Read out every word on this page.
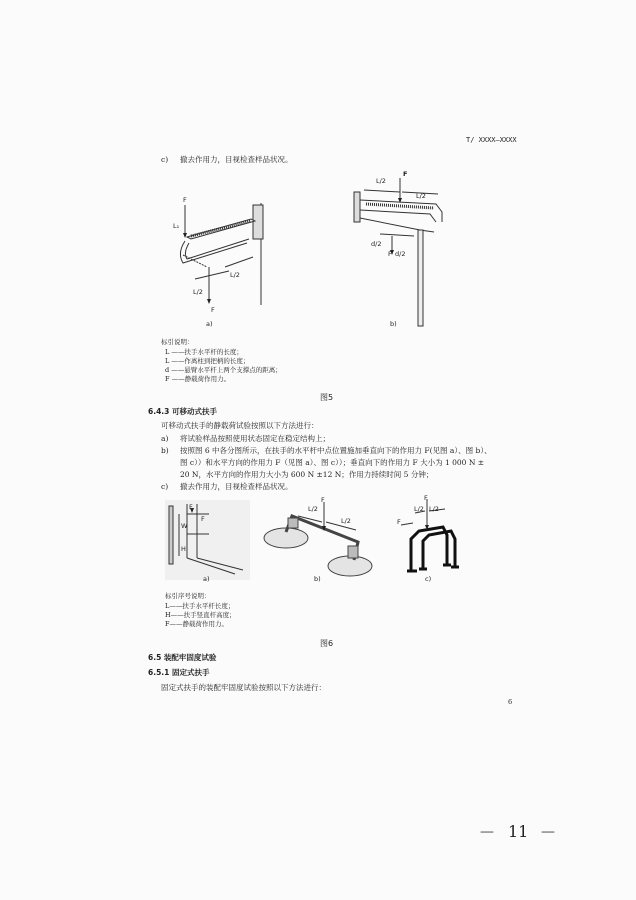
T/ XXXX—XXXX
c) 撤去作用力，目视检查样品状况。
F
L₁
L/2
L/2
F
a)
L/2
F
L/2
d/2
F d/2
b)
标引说明：
L ——扶手水平杆的长度；
L ——作离柱到把柄的长度；
d ——悬臂水平杆上两个支撑点的距离；
F ——静载荷作用力。
图5
6.4.3 可移动式扶手
可移动式扶手的静载荷试验按照以下方法进行：
a) 将试验样品按照使用状态固定在稳定结构上；
b) 按照图 6 中各分图所示，在扶手的水平杆中点位置施加垂直向下的作用力 F(见图 a）、图 b）、
图 c））和水平方向的作用力 F（见图 a）、图 c））；垂直向下的作用力 F 大小为 1 000 N ±
20 N，水平方向的作用力大小为 600 N ±12 N；作用力持续时间 5 分钟；
c) 撤去作用力，目视检查样品状况。
F
W
H
F
a)
F
L/2
L/2
b)
F
L/2 L/2
F
c)
标引序号说明：
L——扶手水平杆长度；
H——扶手竖直杆高度；
F——静载荷作用力。
图6
6.5 装配牢固度试验
6.5.1 固定式扶手
固定式扶手的装配牢固度试验按照以下方法进行：
6
— 11 —
